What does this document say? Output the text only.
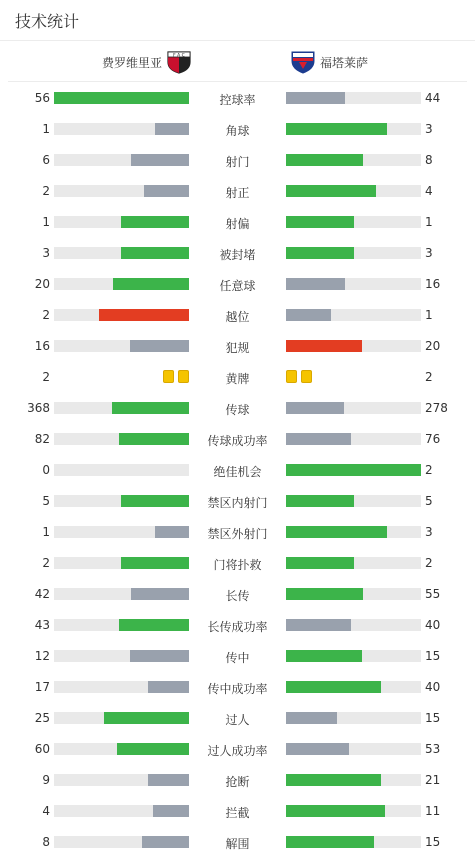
技术统计
费罗维里亚 F A C	福塔莱萨
56	控球率	44
1	角球	3
6	射门	8
2	射正	4
1	射偏	1
3	被封堵	3
20	任意球	16
2	越位	1
16	犯规	20
2	黄牌	2
368	传球	278
82	传球成功率	76
0	绝佳机会	2
5	禁区内射门	5
1	禁区外射门	3
2	门将扑救	2
42	长传	55
43	长传成功率	40
12	传中	15
17	传中成功率	40
25	过人	15
60	过人成功率	53
9	抢断	21
4	拦截	11
8	解围	15
